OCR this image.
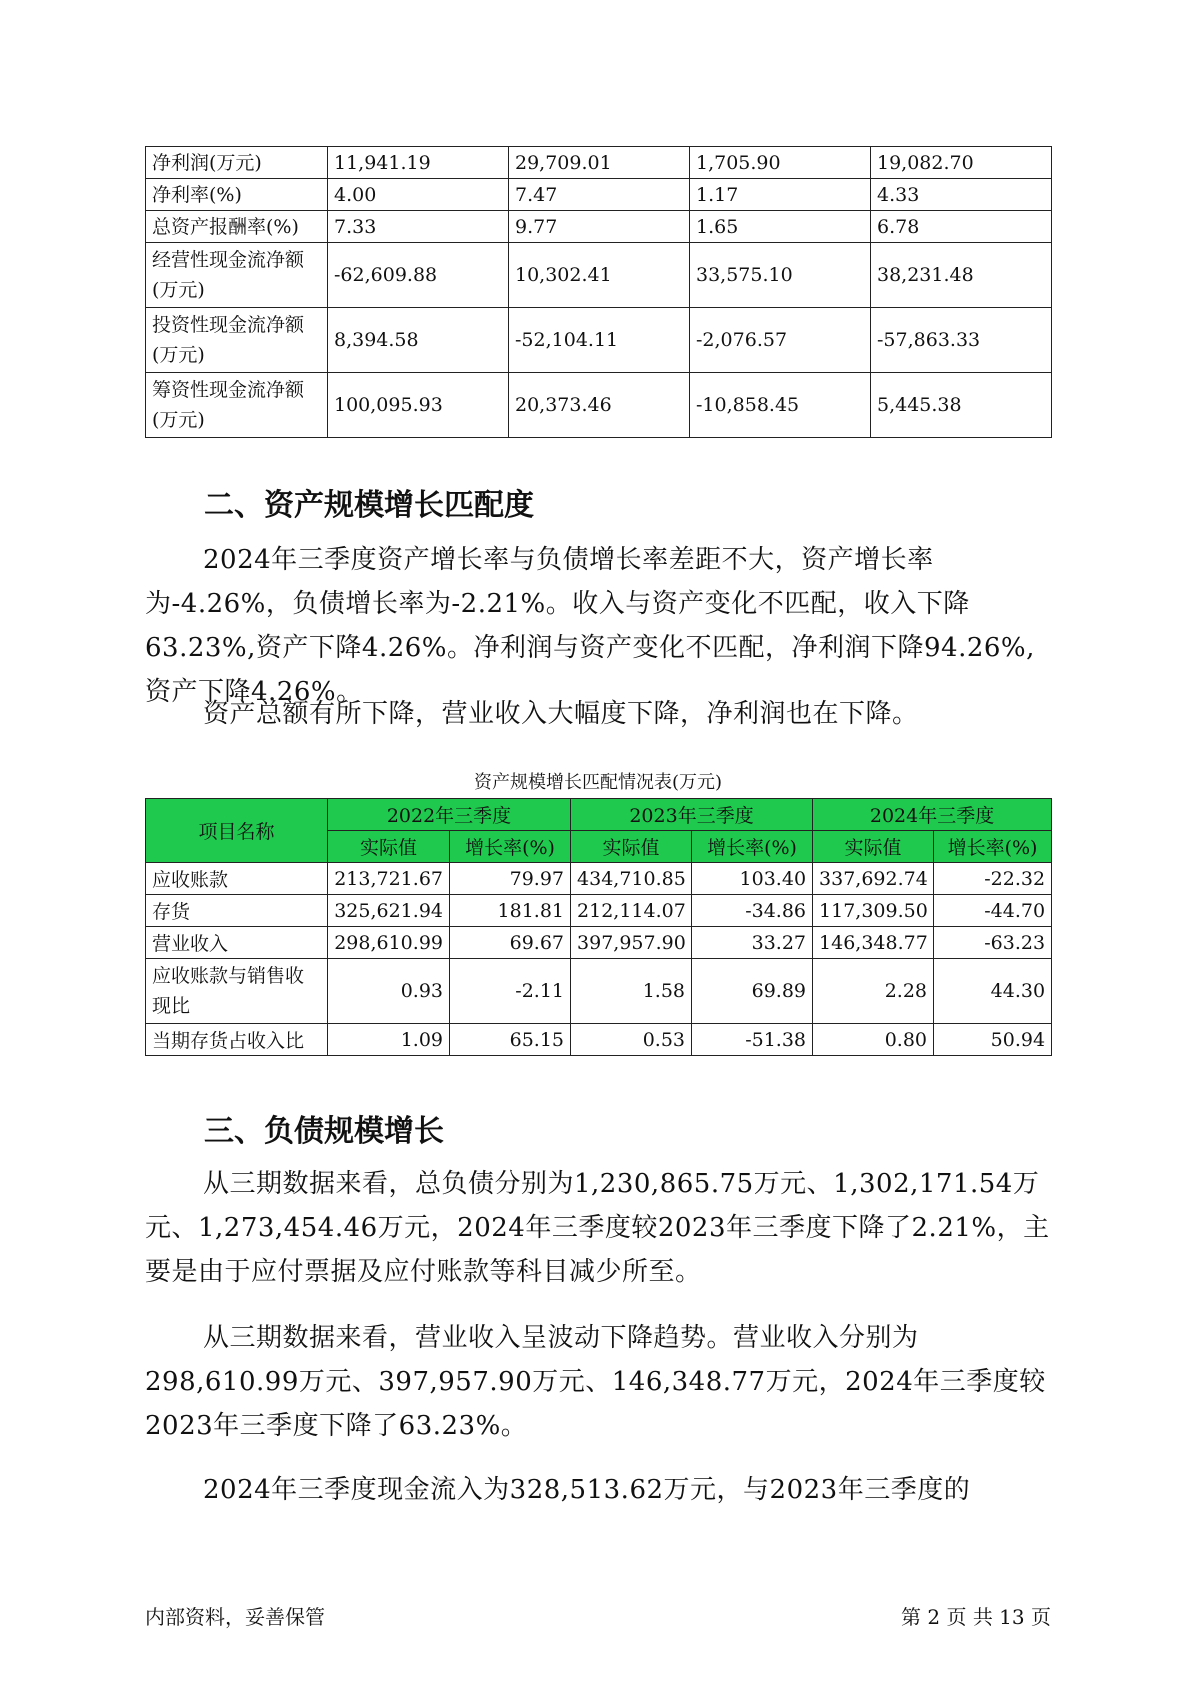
净利润(万元)	11,941.19	29,709.01	1,705.90	19,082.70
净利率(%)	4.00	7.47	1.17	4.33
总资产报酬率(%)	7.33	9.77	1.65	6.78
经营性现金流净额(万元)	-62,609.88	10,302.41	33,575.10	38,231.48
投资性现金流净额(万元)	8,394.58	-52,104.11	-2,076.57	-57,863.33
筹资性现金流净额(万元)	100,095.93	20,373.46	-10,858.45	5,445.38
二、资产规模增长匹配度

2024年三季度资产增长率与负债增长率差距不大，资产增长率为-4.26%，负债增长率为-2.21%。收入与资产变化不匹配，收入下降63.23%,资产下降4.26%。净利润与资产变化不匹配，净利润下降94.26%,资产下降4.26%。

资产总额有所下降，营业收入大幅度下降，净利润也在下降。

资产规模增长匹配情况表(万元)

项目名称	2022年三季度		2023年三季度		2024年三季度	
	实际值	增长率(%)	实际值	增长率(%)	实际值	增长率(%)
应收账款	213,721.67	79.97	434,710.85	103.40	337,692.74	-22.32
存货	325,621.94	181.81	212,114.07	-34.86	117,309.50	-44.70
营业收入	298,610.99	69.67	397,957.90	33.27	146,348.77	-63.23
应收账款与销售收现比	0.93	-2.11	1.58	69.89	2.28	44.30
当期存货占收入比	1.09	65.15	0.53	-51.38	0.80	50.94
三、负债规模增长

从三期数据来看，总负债分别为1,230,865.75万元、1,302,171.54万元、1,273,454.46万元，2024年三季度较2023年三季度下降了2.21%，主要是由于应付票据及应付账款等科目减少所至。

从三期数据来看，营业收入呈波动下降趋势。营业收入分别为298,610.99万元、397,957.90万元、146,348.77万元，2024年三季度较2023年三季度下降了63.23%。

2024年三季度现金流入为328,513.62万元，与2023年三季度的

内部资料，妥善保管	第 2 页 共 13 页
